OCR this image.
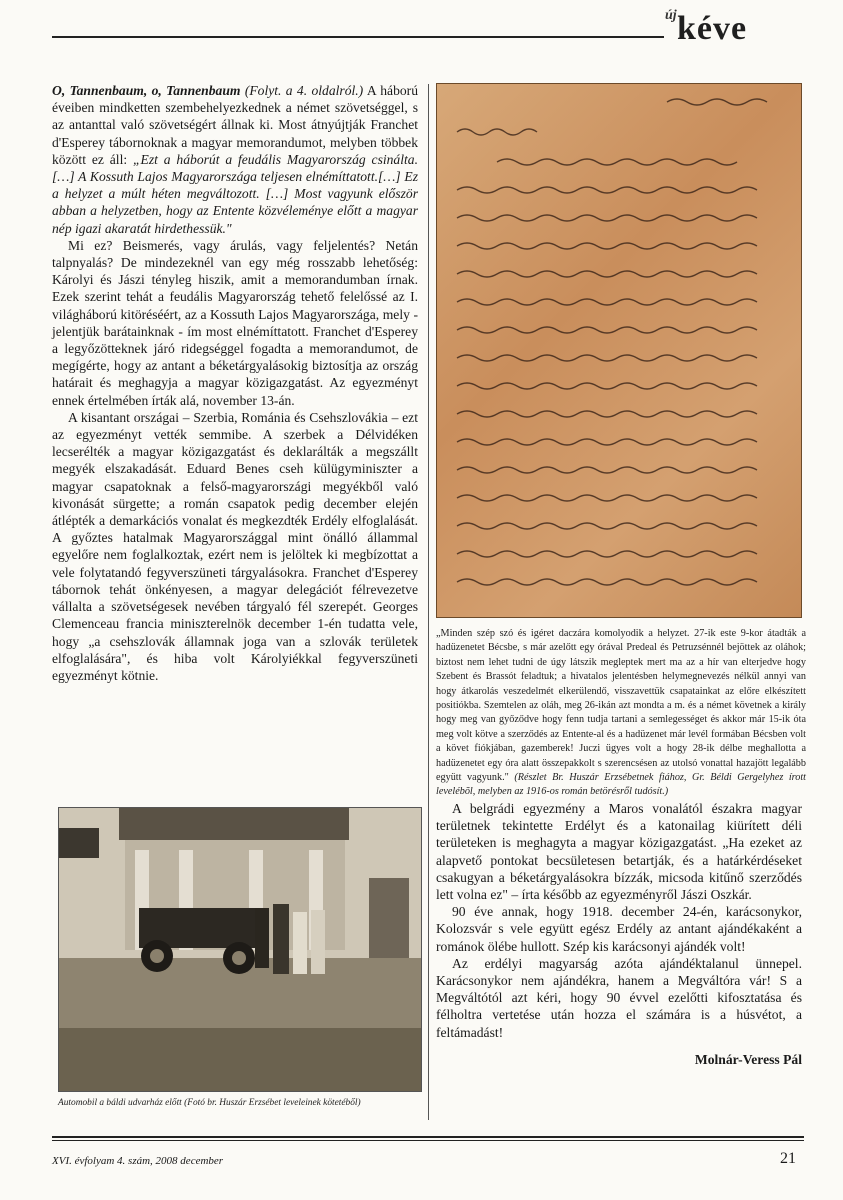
új kéve

O, Tannenbaum, o, Tannenbaum (Folyt. a 4. oldalról.) A háború éveiben mindketten szembehelyezkednek a német szövetséggel, s az antanttal való szövetségért állnak ki. Most átnyújtják Franchet d'Esperey tábornoknak a magyar memorandumot, melyben többek között ez áll: „Ezt a háborút a feudális Magyarország csinálta. […] A Kossuth Lajos Magyarországa teljesen elnémíttatott.[…] Ez a helyzet a múlt héten megváltozott. […] Most vagyunk először abban a helyzetben, hogy az Entente közvéleménye előtt a magyar nép igazi akaratát hirdethessük."

Mi ez? Beismerés, vagy árulás, vagy feljelentés? Netán talpnyalás? De mindezeknél van egy még rosszabb lehetőség: Károlyi és Jászi tényleg hiszik, amit a memorandumban írnak. Ezek szerint tehát a feudális Magyarország tehető felelőssé az I. világháború kitöréséért, az a Kossuth Lajos Magyarországa, mely - jelentjük barátainknak - ím most elnémíttatott. Franchet d'Esperey a legyőzötteknek járó ridegséggel fogadta a memorandumot, de megígérte, hogy az antant a béketárgyalásokig biztosítja az ország határait és meghagyja a magyar közigazgatást. Az egyezményt ennek értelmében írták alá, november 13-án.

A kisantant országai – Szerbia, Románia és Csehszlovákia – ezt az egyezményt vették semmibe. A szerbek a Délvidéken lecserélték a magyar közigazgatást és deklarálták a megszállt megyék elszakadását. Eduard Benes cseh külügyminiszter a magyar csapatoknak a felső-magyarországi megyékből való kivonását sürgette; a román csapatok pedig december elején átlépték a demarkációs vonalat és megkezdték Erdély elfoglalását. A győztes hatalmak Magyarországgal mint önálló állammal egyelőre nem foglalkoztak, ezért nem is jelöltek ki megbízottat a vele folytatandó fegyverszüneti tárgyalásokra. Franchet d'Esperey tábornok tehát önkényesen, a magyar delegációt félrevezetve vállalta a szövetségesek nevében tárgyaló fél szerepét. Georges Clemenceau francia miniszterelnök december 1-én tudatta vele, hogy „a csehszlovák államnak joga van a szlovák területek elfoglalására", és hiba volt Károlyiékkal fegyverszüneti egyezményt kötnie.

Automobil a báldi udvarház előtt (Fotó br. Huszár Erzsébet leveleinek kötetéből)
„Minden szép szó és igéret daczára komolyodik a helyzet. 27-ik este 9-kor átadták a hadüzenetet Bécsbe, s már azelőtt egy órával Predeal és Petruzsénnél bejöttek az oláhok; biztost nem lehet tudni de úgy látszik megleptek mert ma az a hír van elterjedve hogy Szebent és Brassót feladtuk; a hivatalos jelentésben helymegnevezés nélkül annyi van hogy átkarolás veszedelmét elkerülendő, visszavettük csapatainkat az előre elkészített positiókba. Szemtelen az oláh, meg 26-ikán azt mondta a m. és a német követnek a király hogy meg van győződve hogy fenn tudja tartani a semlegességet és akkor már 15-ik óta meg volt kötve a szerződés az Entente-al és a hadüzenet már levél formában Bécsben volt a követ fiókjában, gazemberek! Juczi ügyes volt a hogy 28-ik délbe meghallotta a hadüzenetet egy óra alatt összepakkolt s szerencsésen az utolsó vonattal hazajött legalább együtt vagyunk." (Részlet Br. Huszár Erzsébetnek fiához, Gr. Béldi Gergelyhez írott levelébõl, melyben az 1916-os román betörésről tudósít.)

A belgrádi egyezmény a Maros vonalától északra magyar területnek tekintette Erdélyt és a katonailag kiürített déli területeken is meghagyta a magyar közigazgatást. „Ha ezeket az alapvető pontokat becsületesen betartják, és a határkérdéseket csakugyan a béketárgyalásokra bízzák, micsoda kitűnő szerződés lett volna ez" – írta később az egyezményről Jászi Oszkár.

90 éve annak, hogy 1918. december 24-én, karácsonykor, Kolozsvár s vele együtt egész Erdély az antant ajándékaként a románok ölébe hullott. Szép kis karácsonyi ajándék volt!

Az erdélyi magyarság azóta ajándéktalanul ünnepel. Karácsonykor nem ajándékra, hanem a Megváltóra vár! S a Megváltótól azt kéri, hogy 90 évvel ezelőtti kifosztatása és félholtra vertetése után hozza el számára is a húsvétot, a feltámadást!

Molnár-Veress Pál

XVI. évfolyam 4. szám, 2008 december	21
